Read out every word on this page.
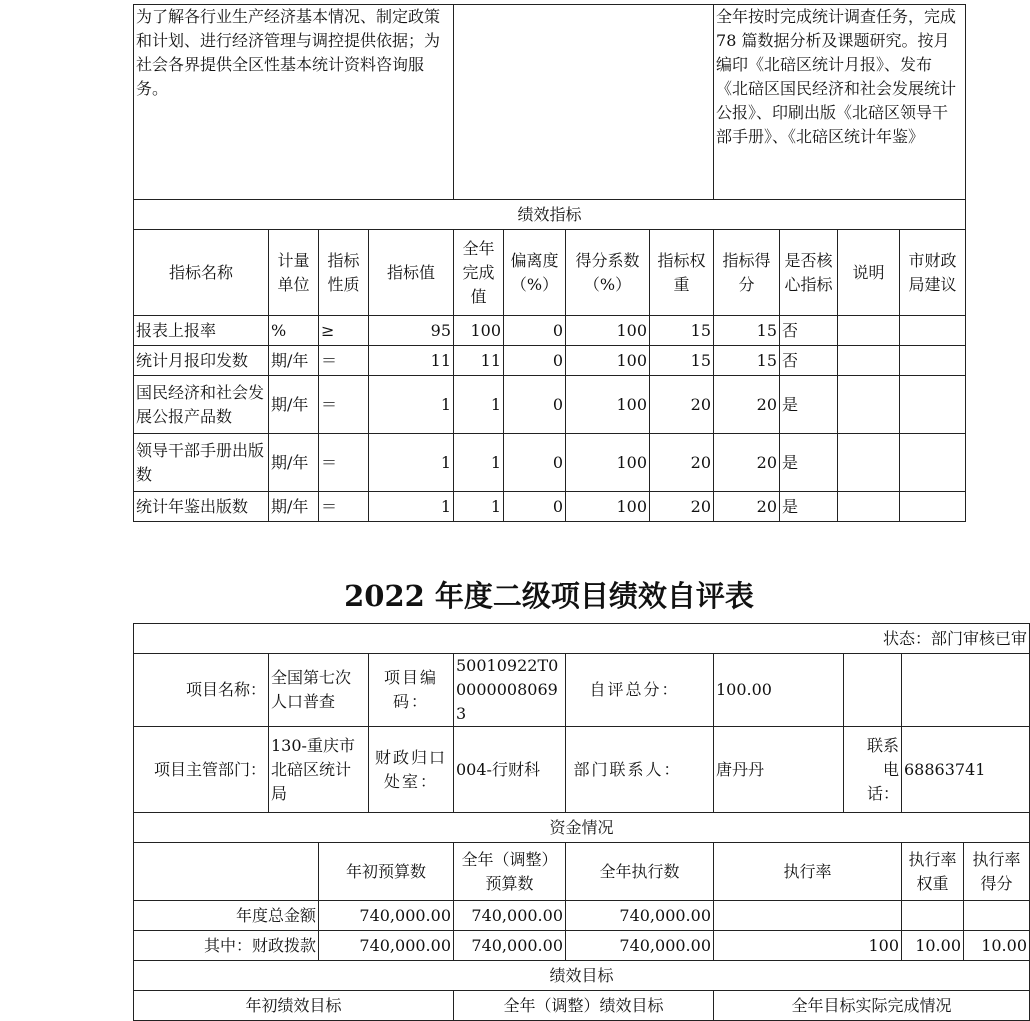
为了解各行业生产经济基本情况、制定政策和计划、进行经济管理与调控提供依据；为社会各界提供全区性基本统计资料咨询服务。								全年按时完成统计调查任务，完成 78 篇数据分析及课题研究。按月编印《北碚区统计月报》、发布《北碚区国民经济和社会发展统计公报》、印刷出版《北碚区领导干部手册》、《北碚区统计年鉴》			
绩效指标											
指标名称	计量单位	指标性质	指标值	全年完成值	偏离度（%）	得分系数（%）	指标权重	指标得分	是否核心指标	说明	市财政局建议
报表上报率	%	≥	95	100	0	100	15	15	否		
统计月报印发数	期/年	＝	11	11	0	100	15	15	否		
国民经济和社会发展公报产品数	期/年	＝	1	1	0	100	20	20	是		
领导干部手册出版数	期/年	＝	1	1	0	100	20	20	是		
统计年鉴出版数	期/年	＝	1	1	0	100	20	20	是		
2022 年度二级项目绩效自评表
状态：部门审核已审									
项目名称：	全国第七次人口普查		项目编码：	50010922T000000080693	自评总分：	100.00			
项目主管部门：	130-重庆市北碚区统计局		财政归口处室：	004-行财科	部门联系人：	唐丹丹	联系电话：	68863741	
资金情况									
		年初预算数		全年（调整）预算数	全年执行数	执行率		执行率权重	执行率得分
年度总金额		740,000.00		740,000.00	740,000.00				
其中：财政拨款		740,000.00		740,000.00	740,000.00	100		10.00	10.00
绩效目标									
年初绩效目标				全年（调整）绩效目标		全年目标实际完成情况			
